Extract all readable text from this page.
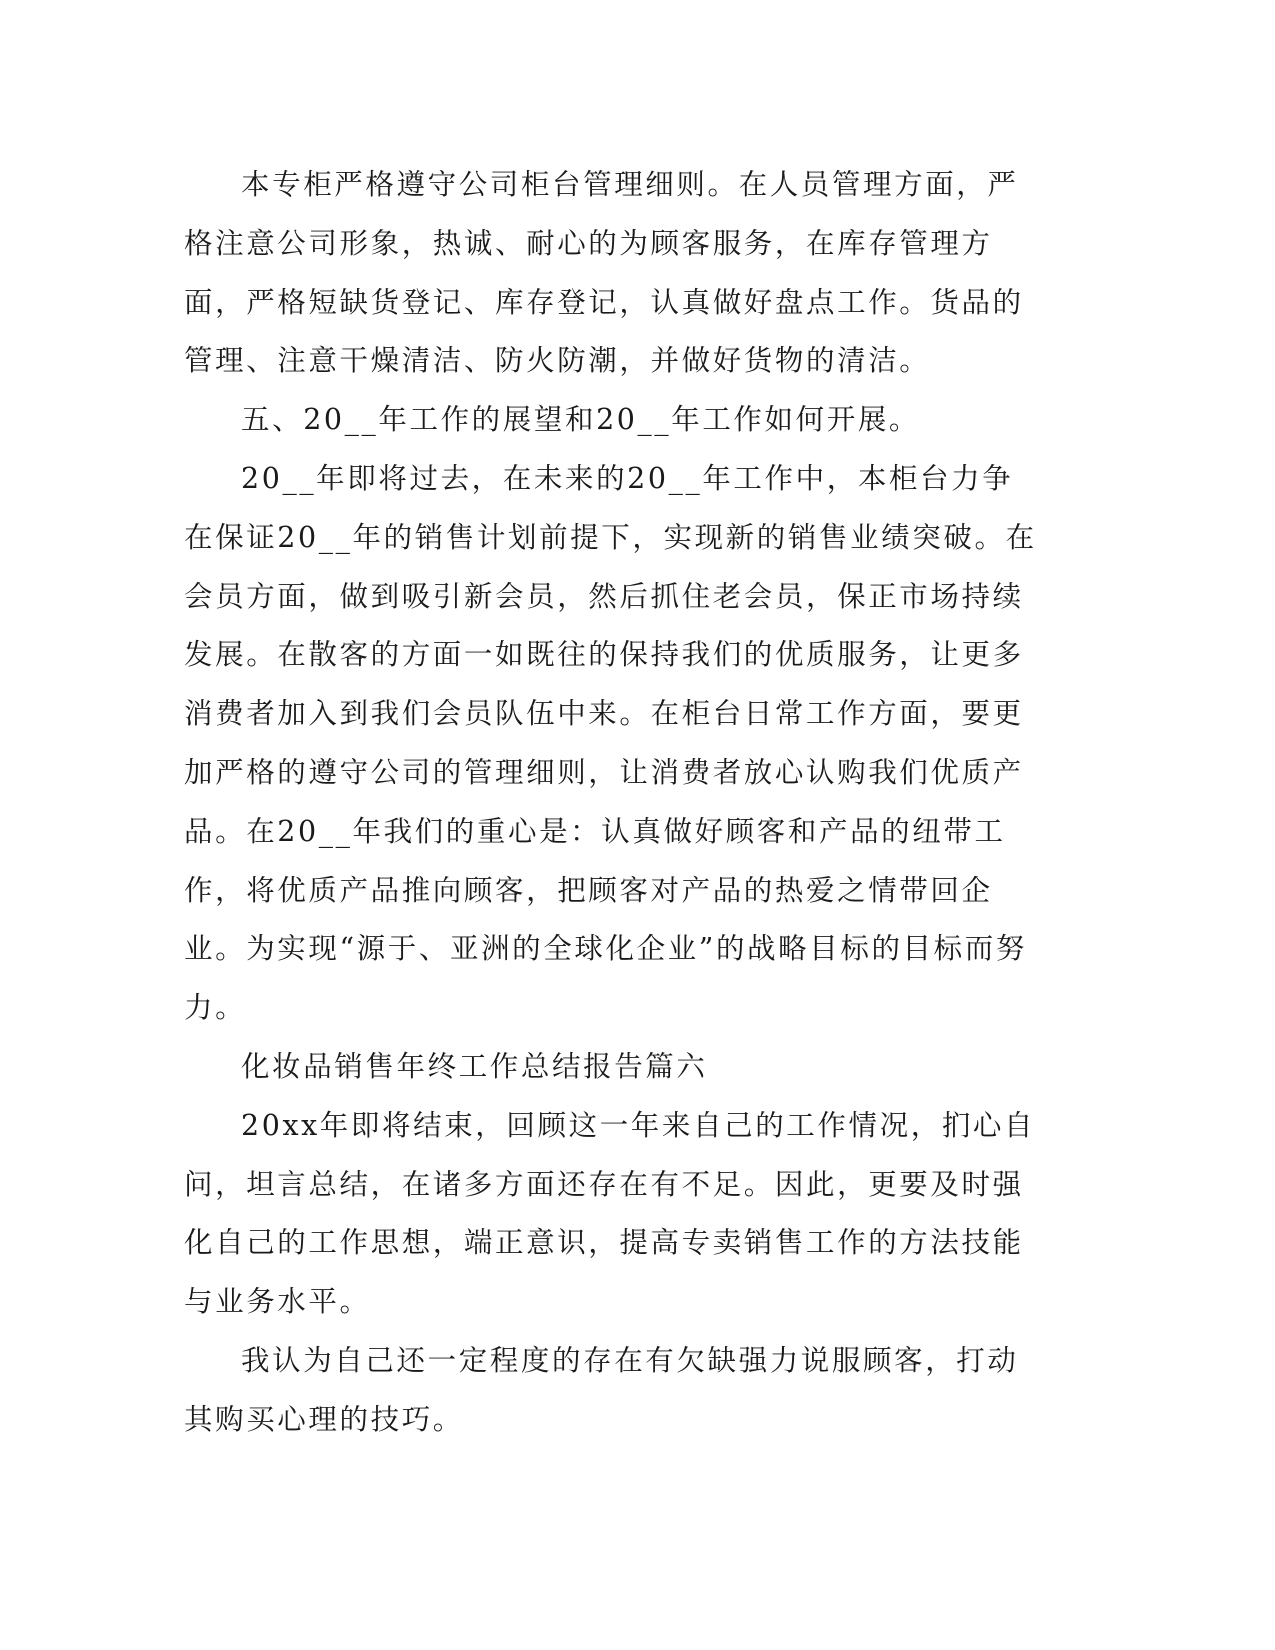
本专柜严格遵守公司柜台管理细则。在人员管理方面，严格注意公司形象，热诚、耐心的为顾客服务，在库存管理方面，严格短缺货登记、库存登记，认真做好盘点工作。货品的管理、注意干燥清洁、防火防潮，并做好货物的清洁。

五、20__年工作的展望和20__年工作如何开展。

20__年即将过去，在未来的20__年工作中，本柜台力争在保证20__年的销售计划前提下，实现新的销售业绩突破。在会员方面，做到吸引新会员，然后抓住老会员，保正市场持续发展。在散客的方面一如既往的保持我们的优质服务，让更多消费者加入到我们会员队伍中来。在柜台日常工作方面，要更加严格的遵守公司的管理细则，让消费者放心认购我们优质产品。在20__年我们的重心是：认真做好顾客和产品的纽带工作，将优质产品推向顾客，把顾客对产品的热爱之情带回企业。为实现“源于、亚洲的全球化企业”的战略目标的目标而努力。

化妆品销售年终工作总结报告篇六

20xx年即将结束，回顾这一年来自己的工作情况，扪心自问，坦言总结，在诸多方面还存在有不足。因此，更要及时强化自己的工作思想，端正意识，提高专卖销售工作的方法技能与业务水平。

我认为自己还一定程度的存在有欠缺强力说服顾客，打动其购买心理的技巧。
